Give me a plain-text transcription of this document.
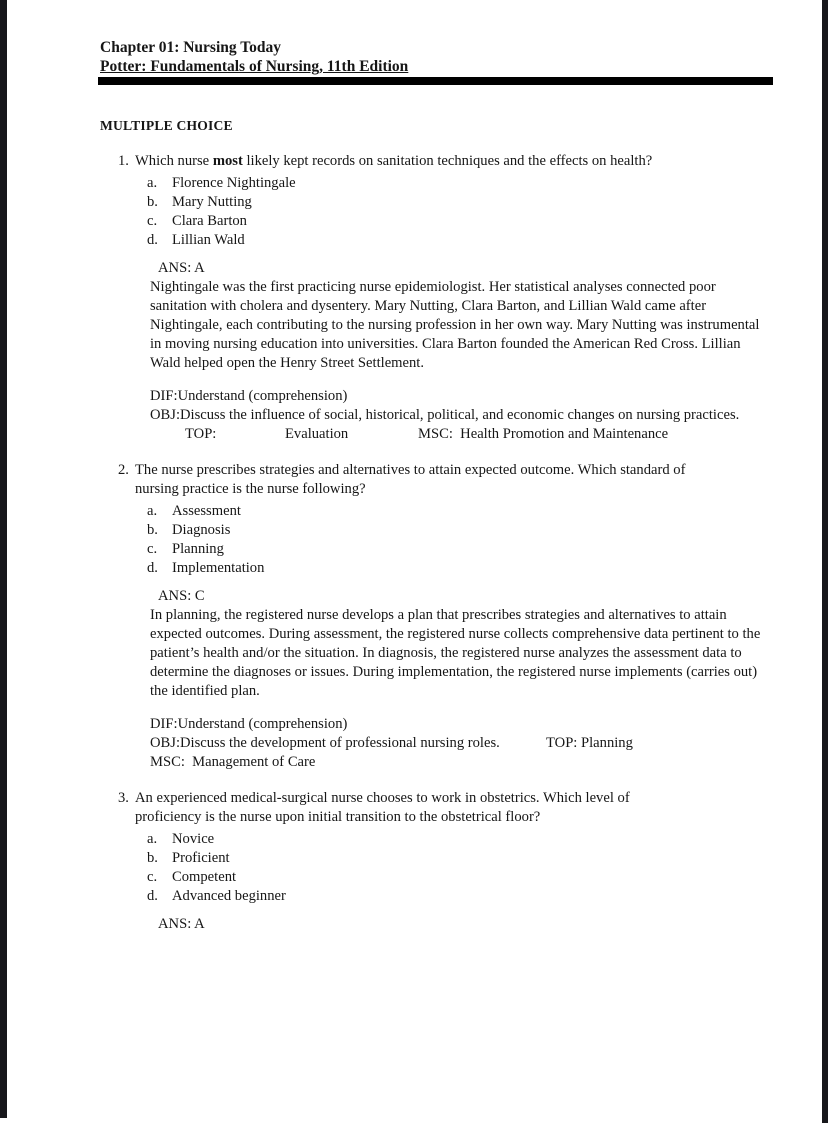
Chapter 01: Nursing Today
Potter: Fundamentals of Nursing, 11th Edition
MULTIPLE CHOICE
1. Which nurse most likely kept records on sanitation techniques and the effects on health?
a.	Florence Nightingale
b. Mary Nutting
c.	Clara Barton
d. Lillian Wald
ANS: A
Nightingale was the first practicing nurse epidemiologist. Her statistical analyses connected poor sanitation with cholera and dysentery. Mary Nutting, Clara Barton, and Lillian Wald came after Nightingale, each contributing to the nursing profession in her own way. Mary Nutting was instrumental in moving nursing education into universities. Clara Barton founded the American Red Cross. Lillian Wald helped open the Henry Street Settlement.
DIF:Understand (comprehension)
OBJ:Discuss the influence of social, historical, political, and economic changes on nursing practices.
TOP:	Evaluation	MSC:  Health Promotion and Maintenance
2. The nurse prescribes strategies and alternatives to attain expected outcome. Which standard of
nursing practice is the nurse following?
a.	Assessment
b. Diagnosis
c.	Planning
d. Implementation
ANS: C
In planning, the registered nurse develops a plan that prescribes strategies and alternatives to attain expected outcomes. During assessment, the registered nurse collects comprehensive data pertinent to the patient’s health and/or the situation. In diagnosis, the registered nurse analyzes the assessment data to determine the diagnoses or issues. During implementation, the registered nurse implements (carries out) the identified plan.
DIF:Understand (comprehension)
OBJ:Discuss the development of professional nursing roles.	TOP: Planning
MSC:  Management of Care
3. An experienced medical-surgical nurse chooses to work in obstetrics. Which level of
proficiency is the nurse upon initial transition to the obstetrical floor?
a.	Novice
b. Proficient
c.	Competent
d. Advanced beginner
ANS: A
